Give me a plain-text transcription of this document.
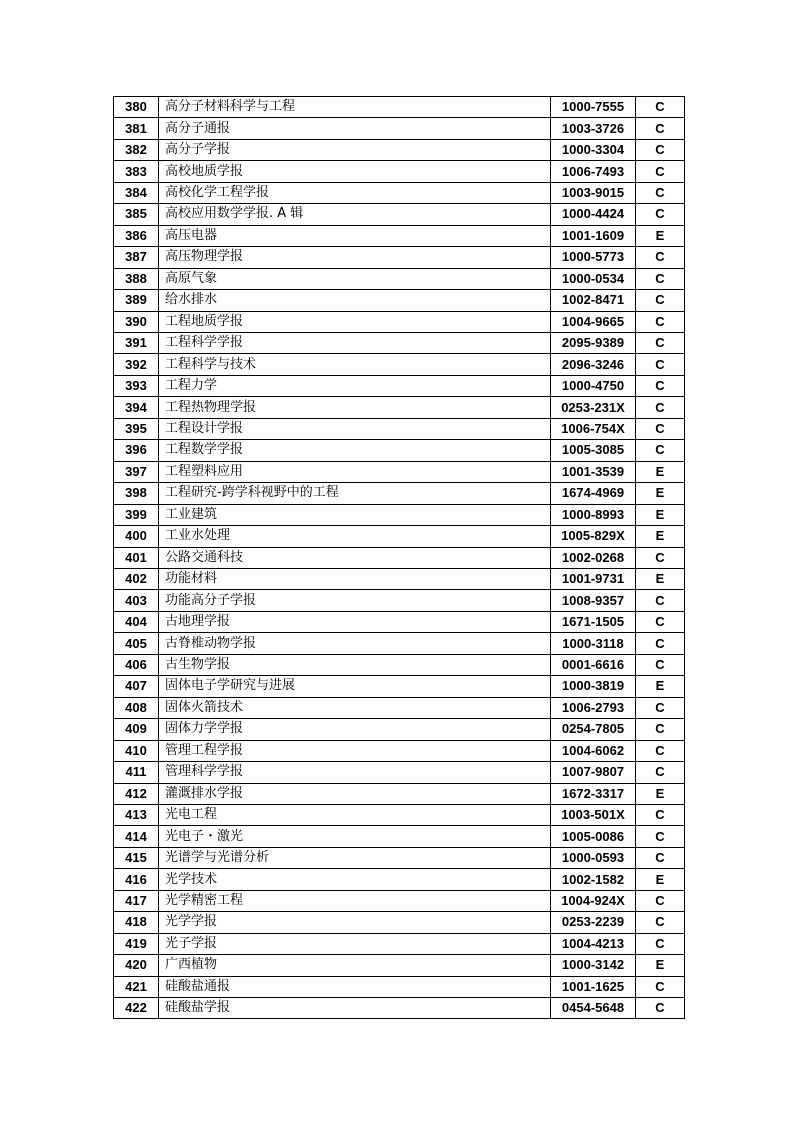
380	高分子材料科学与工程	1000-7555	C
381	高分子通报	1003-3726	C
382	高分子学报	1000-3304	C
383	高校地质学报	1006-7493	C
384	高校化学工程学报	1003-9015	C
385	高校应用数学学报. A 辑	1000-4424	C
386	高压电器	1001-1609	E
387	高压物理学报	1000-5773	C
388	高原气象	1000-0534	C
389	给水排水	1002-8471	C
390	工程地质学报	1004-9665	C
391	工程科学学报	2095-9389	C
392	工程科学与技术	2096-3246	C
393	工程力学	1000-4750	C
394	工程热物理学报	0253-231X	C
395	工程设计学报	1006-754X	C
396	工程数学学报	1005-3085	C
397	工程塑料应用	1001-3539	E
398	工程研究-跨学科视野中的工程	1674-4969	E
399	工业建筑	1000-8993	E
400	工业水处理	1005-829X	E
401	公路交通科技	1002-0268	C
402	功能材料	1001-9731	E
403	功能高分子学报	1008-9357	C
404	古地理学报	1671-1505	C
405	古脊椎动物学报	1000-3118	C
406	古生物学报	0001-6616	C
407	固体电子学研究与进展	1000-3819	E
408	固体火箭技术	1006-2793	C
409	固体力学学报	0254-7805	C
410	管理工程学报	1004-6062	C
411	管理科学学报	1007-9807	C
412	灌溉排水学报	1672-3317	E
413	光电工程	1003-501X	C
414	光电子・激光	1005-0086	C
415	光谱学与光谱分析	1000-0593	C
416	光学技术	1002-1582	E
417	光学精密工程	1004-924X	C
418	光学学报	0253-2239	C
419	光子学报	1004-4213	C
420	广西植物	1000-3142	E
421	硅酸盐通报	1001-1625	C
422	硅酸盐学报	0454-5648	C
